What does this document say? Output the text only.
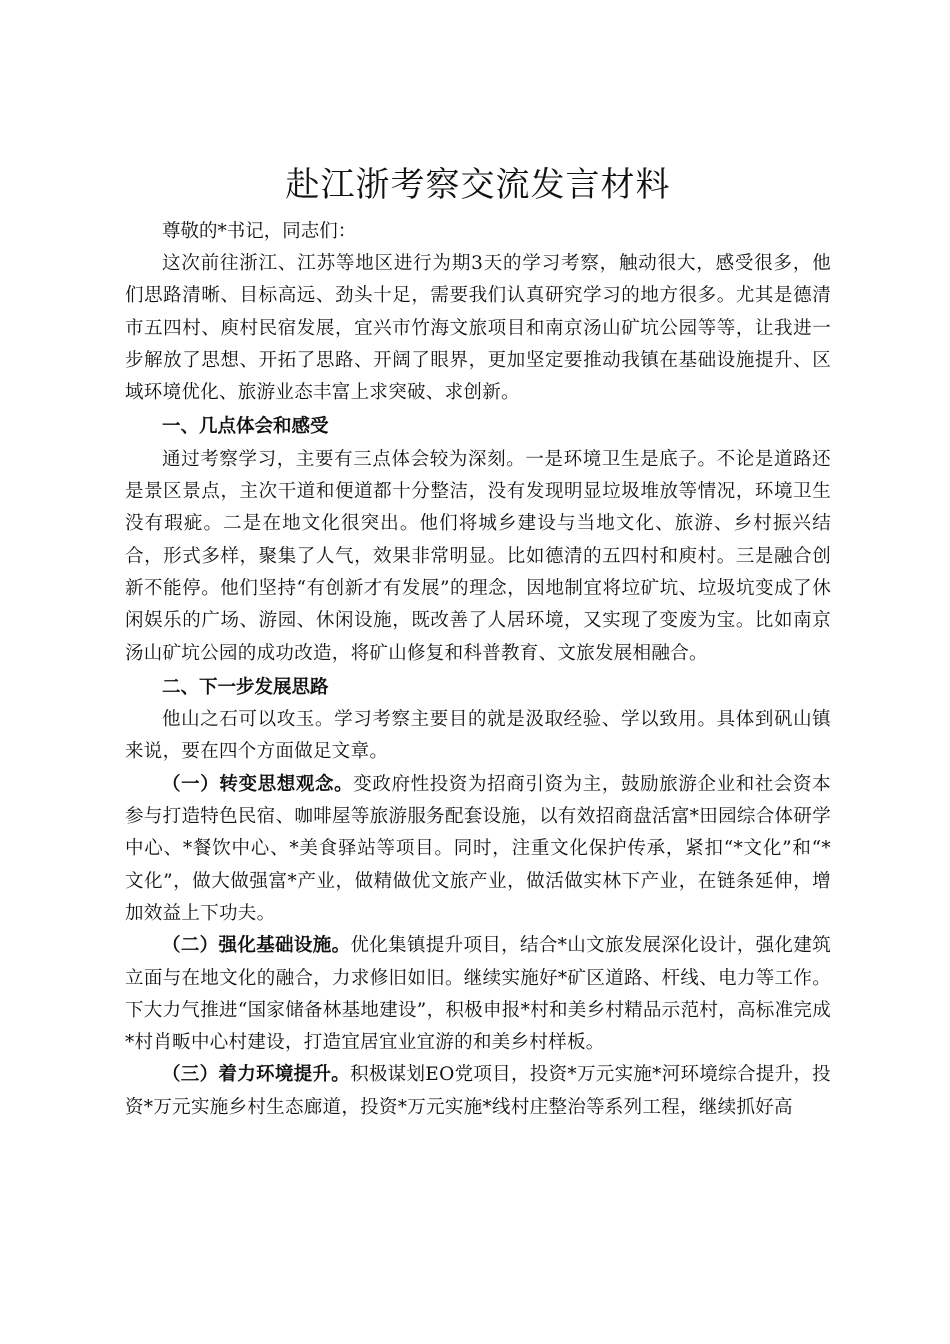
赴江浙考察交流发言材料

尊敬的*书记，同志们：

这次前往浙江、江苏等地区进行为期3天的学习考察，触动很大，感受很多，他们思路清晰、目标高远、劲头十足，需要我们认真研究学习的地方很多。尤其是德清市五四村、庾村民宿发展，宜兴市竹海文旅项目和南京汤山矿坑公园等等，让我进一步解放了思想、开拓了思路、开阔了眼界，更加坚定要推动我镇在基础设施提升、区域环境优化、旅游业态丰富上求突破、求创新。

一、几点体会和感受

通过考察学习，主要有三点体会较为深刻。一是环境卫生是底子。不论是道路还是景区景点，主次干道和便道都十分整洁，没有发现明显垃圾堆放等情况，环境卫生没有瑕疵。二是在地文化很突出。他们将城乡建设与当地文化、旅游、乡村振兴结合，形式多样，聚集了人气，效果非常明显。比如德清的五四村和庾村。三是融合创新不能停。他们坚持“有创新才有发展”的理念，因地制宜将垃矿坑、垃圾坑变成了休闲娱乐的广场、游园、休闲设施，既改善了人居环境，又实现了变废为宝。比如南京汤山矿坑公园的成功改造，将矿山修复和科普教育、文旅发展相融合。

二、下一步发展思路

他山之石可以攻玉。学习考察主要目的就是汲取经验、学以致用。具体到矾山镇来说，要在四个方面做足文章。

（一）转变思想观念。变政府性投资为招商引资为主，鼓励旅游企业和社会资本参与打造特色民宿、咖啡屋等旅游服务配套设施，以有效招商盘活富*田园综合体研学中心、*餐饮中心、*美食驿站等项目。同时，注重文化保护传承，紧扣“*文化”和“*文化”，做大做强富*产业，做精做优文旅产业，做活做实林下产业，在链条延伸，增加效益上下功夫。

（二）强化基础设施。优化集镇提升项目，结合*山文旅发展深化设计，强化建筑立面与在地文化的融合，力求修旧如旧。继续实施好*矿区道路、杆线、电力等工作。下大力气推进“国家储备林基地建设”，积极申报*村和美乡村精品示范村，高标准完成*村肖畈中心村建设，打造宜居宜业宜游的和美乡村样板。

（三）着力环境提升。积极谋划EO党项目，投资*万元实施*河环境综合提升，投资*万元实施乡村生态廊道，投资*万元实施*线村庄整治等系列工程，继续抓好高
